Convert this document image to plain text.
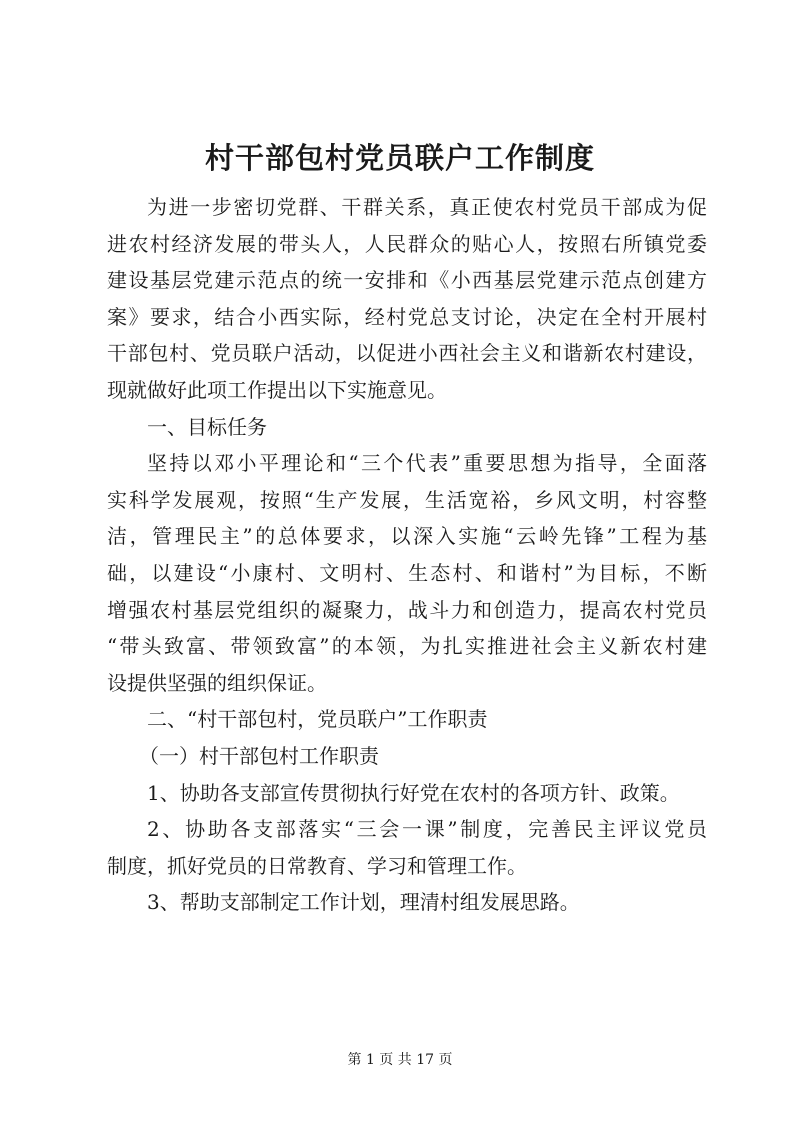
村干部包村党员联户工作制度
为进一步密切党群、干群关系，真正使农村党员干部成为促
进农村经济发展的带头人，人民群众的贴心人，按照右所镇党委
建设基层党建示范点的统一安排和《小西基层党建示范点创建方
案》要求，结合小西实际，经村党总支讨论，决定在全村开展村
干部包村、党员联户活动，以促进小西社会主义和谐新农村建设，
现就做好此项工作提出以下实施意见。
一、目标任务
坚持以邓小平理论和“三个代表”重要思想为指导，全面落
实科学发展观，按照“生产发展，生活宽裕，乡风文明，村容整
洁，管理民主”的总体要求，以深入实施“云岭先锋”工程为基
础，以建设“小康村、文明村、生态村、和谐村”为目标，不断
增强农村基层党组织的凝聚力，战斗力和创造力，提高农村党员
“带头致富、带领致富”的本领，为扎实推进社会主义新农村建
设提供坚强的组织保证。
二、“村干部包村，党员联户”工作职责
（一）村干部包村工作职责
1、协助各支部宣传贯彻执行好党在农村的各项方针、政策。
2、协助各支部落实“三会一课”制度，完善民主评议党员
制度，抓好党员的日常教育、学习和管理工作。
3、帮助支部制定工作计划，理清村组发展思路。
第 1 页 共 17 页
